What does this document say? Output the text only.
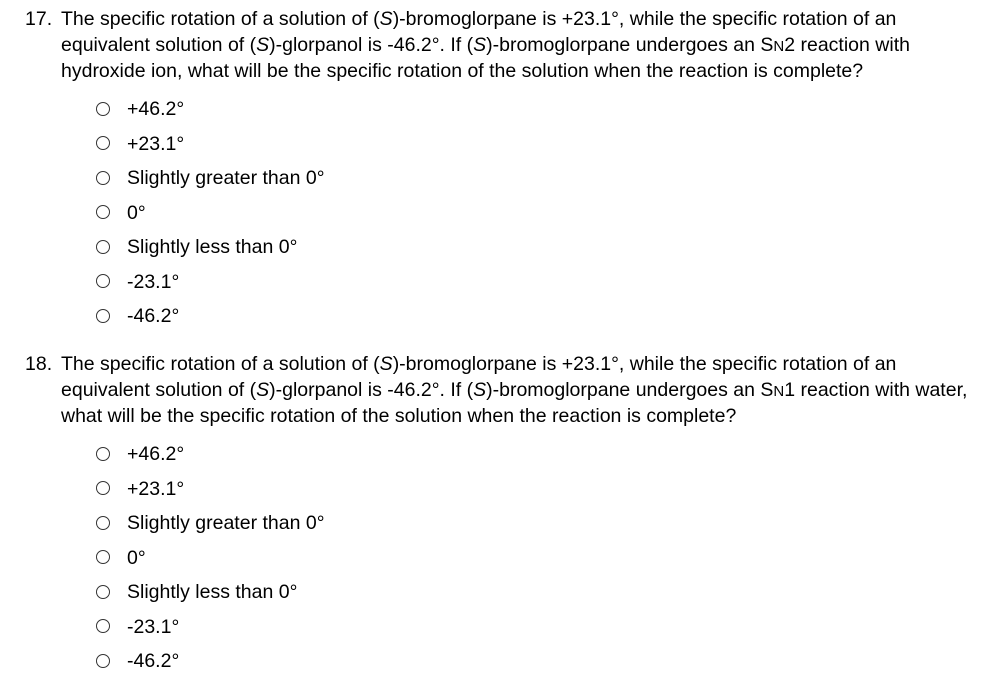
17. The specific rotation of a solution of (S)-bromoglorpane is +23.1°, while the specific rotation of an equivalent solution of (S)-glorpanol is -46.2°. If (S)-bromoglorpane undergoes an SN2 reaction with hydroxide ion, what will be the specific rotation of the solution when the reaction is complete?

+46.2°
+23.1°
Slightly greater than 0°
0°
Slightly less than 0°
-23.1°
-46.2°

18. The specific rotation of a solution of (S)-bromoglorpane is +23.1°, while the specific rotation of an equivalent solution of (S)-glorpanol is -46.2°. If (S)-bromoglorpane undergoes an SN1 reaction with water, what will be the specific rotation of the solution when the reaction is complete?

+46.2°
+23.1°
Slightly greater than 0°
0°
Slightly less than 0°
-23.1°
-46.2°
